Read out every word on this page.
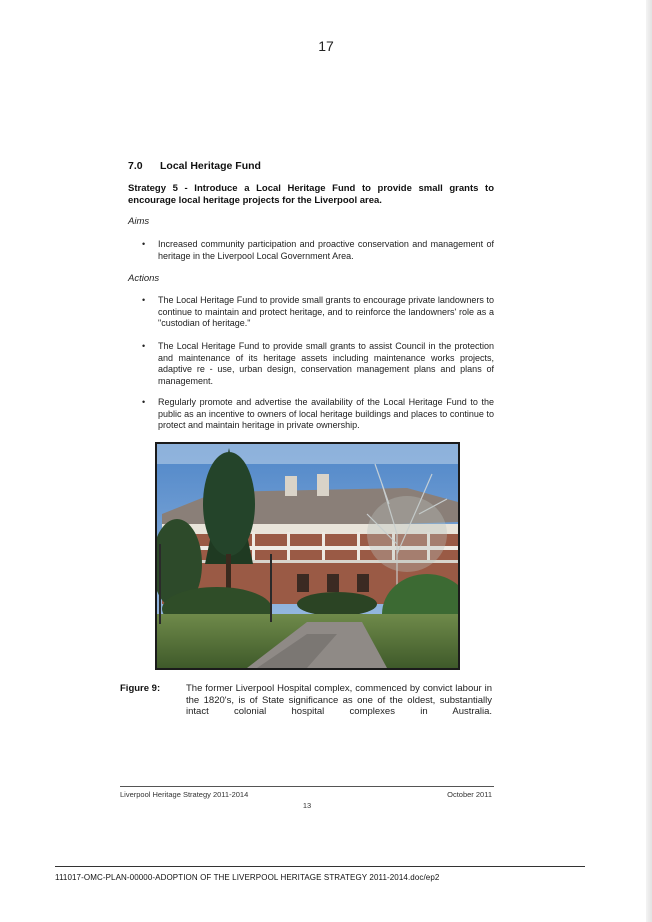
17
7.0 Local Heritage Fund
Strategy 5 - Introduce a Local Heritage Fund to provide small grants to encourage local heritage projects for the Liverpool area.
Aims
• Increased community participation and proactive conservation and management of heritage in the Liverpool Local Government Area.
Actions
• The Local Heritage Fund to provide small grants to encourage private landowners to continue to maintain and protect heritage, and to reinforce the landowners' role as a "custodian of heritage."
• The Local Heritage Fund to provide small grants to assist Council in the protection and maintenance of its heritage assets including maintenance works projects, adaptive re - use, urban design, conservation management plans and plans of management.
• Regularly promote and advertise the availability of the Local Heritage Fund to the public as an incentive to owners of local heritage buildings and places to continue to protect and maintain heritage in private ownership.
Figure 9:	The former Liverpool Hospital complex, commenced by convict labour in the 1820's, is of State significance as one of the oldest, substantially intact colonial hospital complexes in Australia.
Liverpool Heritage Strategy 2011-2014	October 2011
13
111017-OMC-PLAN-00000-ADOPTION OF THE LIVERPOOL HERITAGE STRATEGY 2011-2014.doc/ep2
